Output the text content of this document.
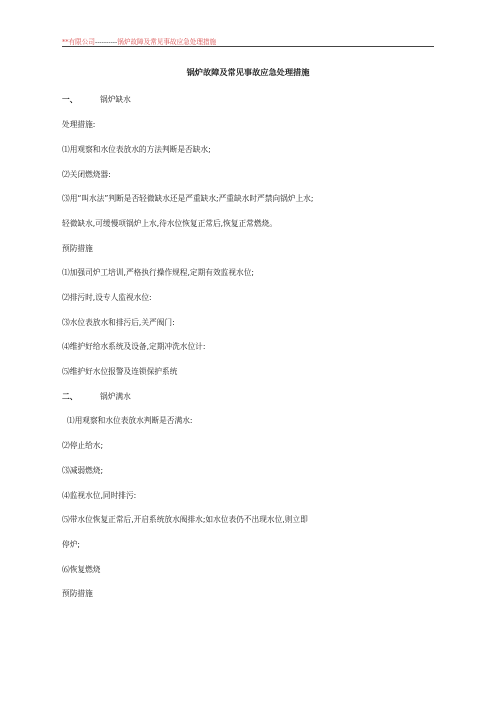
**有限公司----------锅炉故障及常见事故应急处理措施
锅炉故障及常见事故应急处理措施
一、	锅炉缺水
处理措施:
⑴用观察和水位表放水的方法判断是否缺水;
⑵关闭燃烧器:
⑶用“叫水法”判断是否轻微缺水还是严重缺水;严重缺水时严禁向锅炉上水;
轻微缺水,可缓慢项锅炉上水,待水位恢复正常后,恢复正常燃烧。
预防措施
⑴加强司炉工培训,严格执行操作规程,定期有效监视水位;
⑵排污时,设专人监视水位:
⑶水位表放水和排污后,关严阀门:
⑷维护好给水系统及设备,定期冲洗水位计:
⑸维护好水位报警及连锁保护系统
二、	锅炉满水
⑴用观察和水位表放水判断是否满水:
⑵停止给水;
⑶减弱燃烧;
⑷监视水位,同时排污:
⑸带水位恢复正常后,开启系统放水阀排水;如水位表仍不出现水位,则立即
停炉;
⑹恢复燃烧
预防措施
